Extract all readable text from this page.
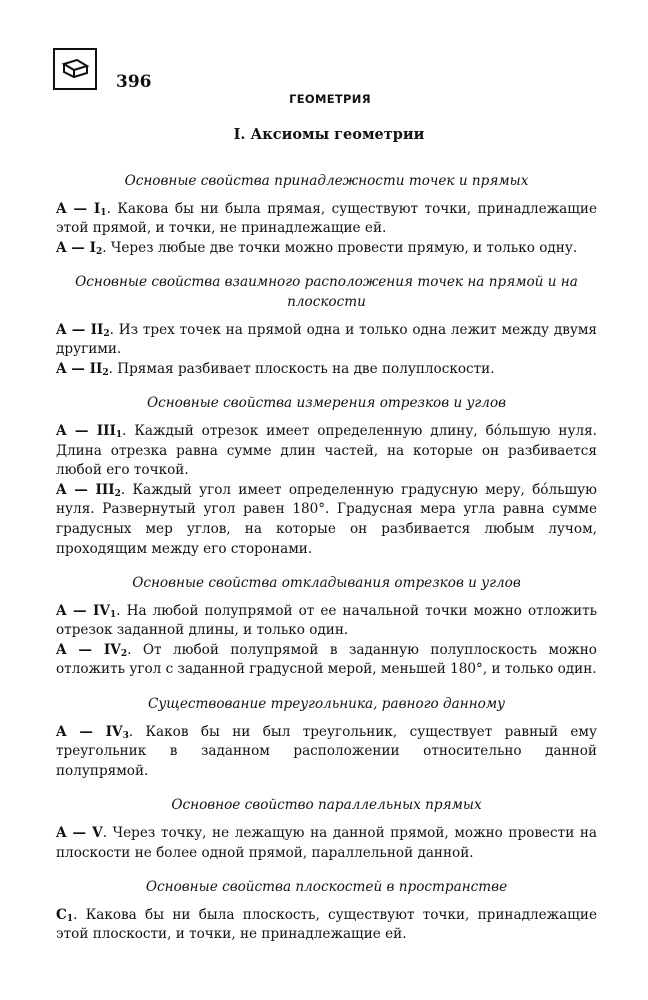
396
ГЕОМЕТРИЯ
I. Аксиомы геометрии

Основные свойства принадлежности точек и прямых

A — $I_1$. Какова бы ни была прямая, существуют точки, принадлежащие этой прямой, и точки, не принадлежащие ей.

A — $I_2$. Через любые две точки можно провести прямую, и только одну.

Основные свойства взаимного расположения точек на прямой и на плоскости

A — $II_2$. Из трех точек на прямой одна и только одна лежит между двумя другими.

A — $II_2$. Прямая разбивает плоскость на две полуплоскости.

Основные свойства измерения отрезков и углов

A — $III_1$. Каждый отрезок имеет определенную длину, бóльшую нуля. Длина отрезка равна сумме длин частей, на которые он разбивается любой его точкой.

A — $III_2$. Каждый угол имеет определенную градусную меру, бóльшую нуля. Развернутый угол равен 180°. Градусная мера угла равна сумме градусных мер углов, на которые он разбивается любым лучом, проходящим между его сторонами.

Основные свойства откладывания отрезков и углов

A — $IV_1$. На любой полупрямой от ее начальной точки можно отложить отрезок заданной длины, и только один.

A — $IV_2$. От любой полупрямой в заданную полуплоскость можно отложить угол с заданной градусной мерой, меньшей 180°, и только один.

Существование треугольника, равного данному

A — $IV_3$. Каков бы ни был треугольник, существует равный ему треугольник в заданном расположении относительно данной полупрямой.

Основное свойство параллельных прямых

A — V. Через точку, не лежащую на данной прямой, можно провести на плоскости не более одной прямой, параллельной данной.

Основные свойства плоскостей в пространстве

$C_1$. Какова бы ни была плоскость, существуют точки, принадлежащие этой плоскости, и точки, не принадлежащие ей.
